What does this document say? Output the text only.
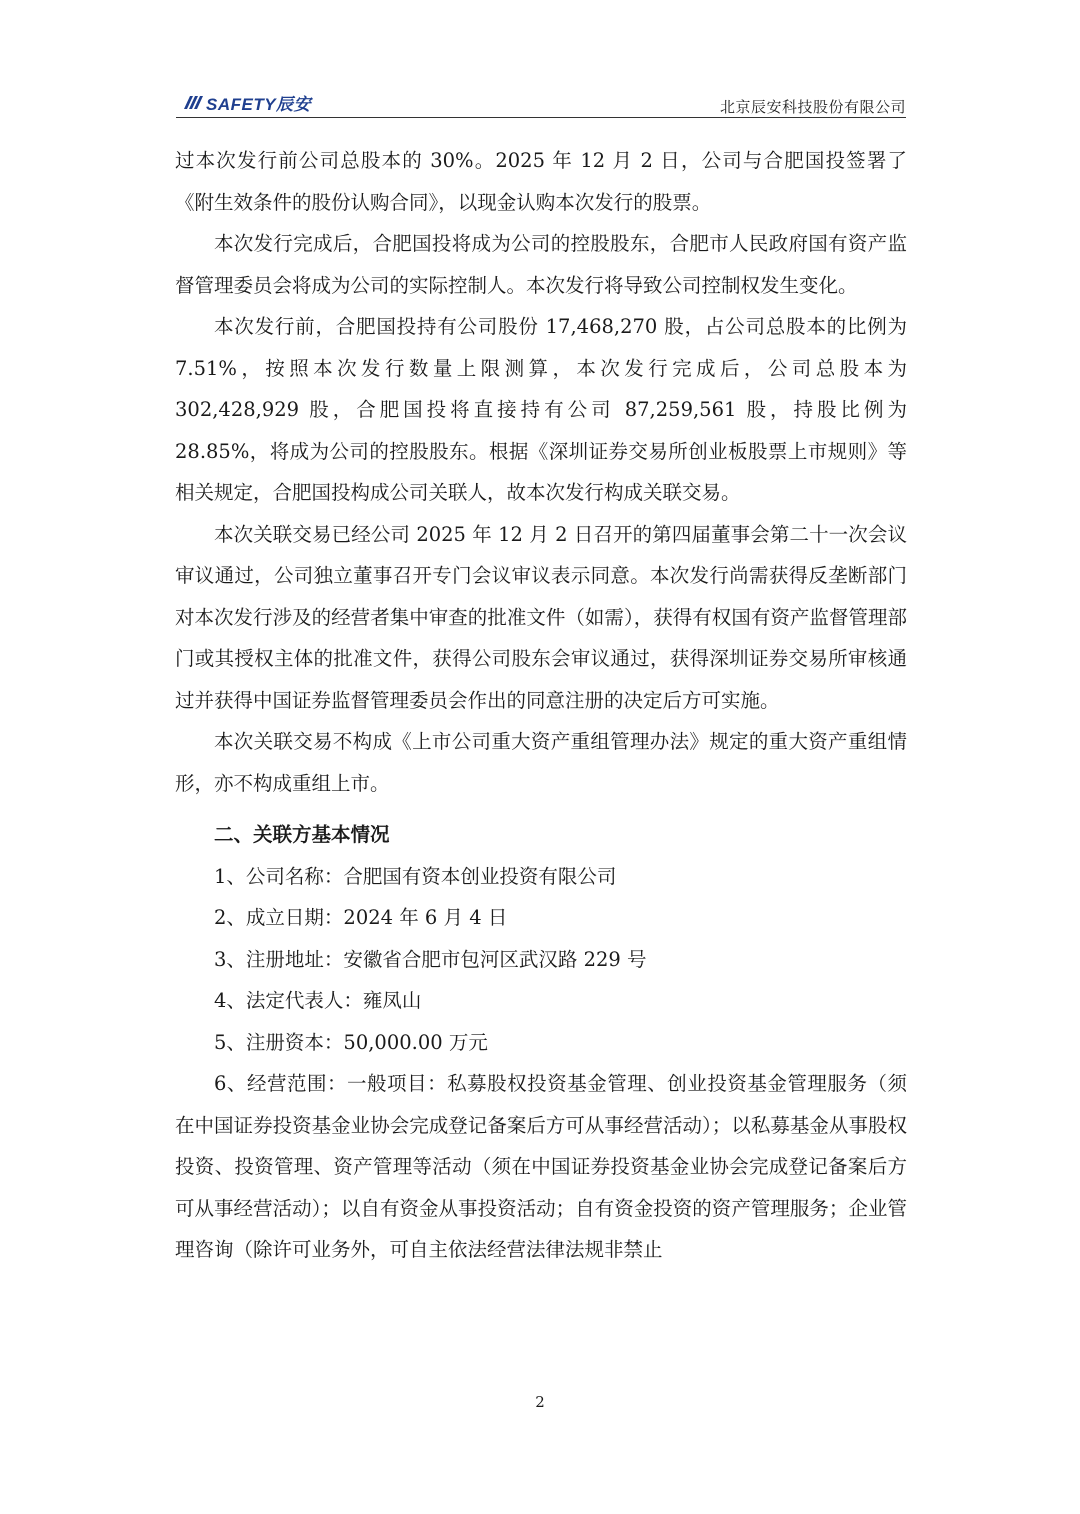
SAFETY辰安	北京辰安科技股份有限公司

过本次发行前公司总股本的 30%。2025 年 12 月 2 日，公司与合肥国投签署了《附生效条件的股份认购合同》，以现金认购本次发行的股票。

本次发行完成后，合肥国投将成为公司的控股股东，合肥市人民政府国有资产监督管理委员会将成为公司的实际控制人。本次发行将导致公司控制权发生变化。

本次发行前，合肥国投持有公司股份 17,468,270 股，占公司总股本的比例为 7.51%，按照本次发行数量上限测算，本次发行完成后，公司总股本为 302,428,929 股，合肥国投将直接持有公司 87,259,561 股，持股比例为 28.85%，将成为公司的控股股东。根据《深圳证券交易所创业板股票上市规则》等相关规定，合肥国投构成公司关联人，故本次发行构成关联交易。

本次关联交易已经公司 2025 年 12 月 2 日召开的第四届董事会第二十一次会议审议通过，公司独立董事召开专门会议审议表示同意。本次发行尚需获得反垄断部门对本次发行涉及的经营者集中审查的批准文件（如需），获得有权国有资产监督管理部门或其授权主体的批准文件，获得公司股东会审议通过，获得深圳证券交易所审核通过并获得中国证券监督管理委员会作出的同意注册的决定后方可实施。

本次关联交易不构成《上市公司重大资产重组管理办法》规定的重大资产重组情形，亦不构成重组上市。

二、关联方基本情况

1、公司名称：合肥国有资本创业投资有限公司

2、成立日期：2024 年 6 月 4 日

3、注册地址：安徽省合肥市包河区武汉路 229 号

4、法定代表人：雍凤山

5、注册资本：50,000.00 万元

6、经营范围：一般项目：私募股权投资基金管理、创业投资基金管理服务（须在中国证券投资基金业协会完成登记备案后方可从事经营活动）；以私募基金从事股权投资、投资管理、资产管理等活动（须在中国证券投资基金业协会完成登记备案后方可从事经营活动）；以自有资金从事投资活动；自有资金投资的资产管理服务；企业管理咨询（除许可业务外，可自主依法经营法律法规非禁止

2
